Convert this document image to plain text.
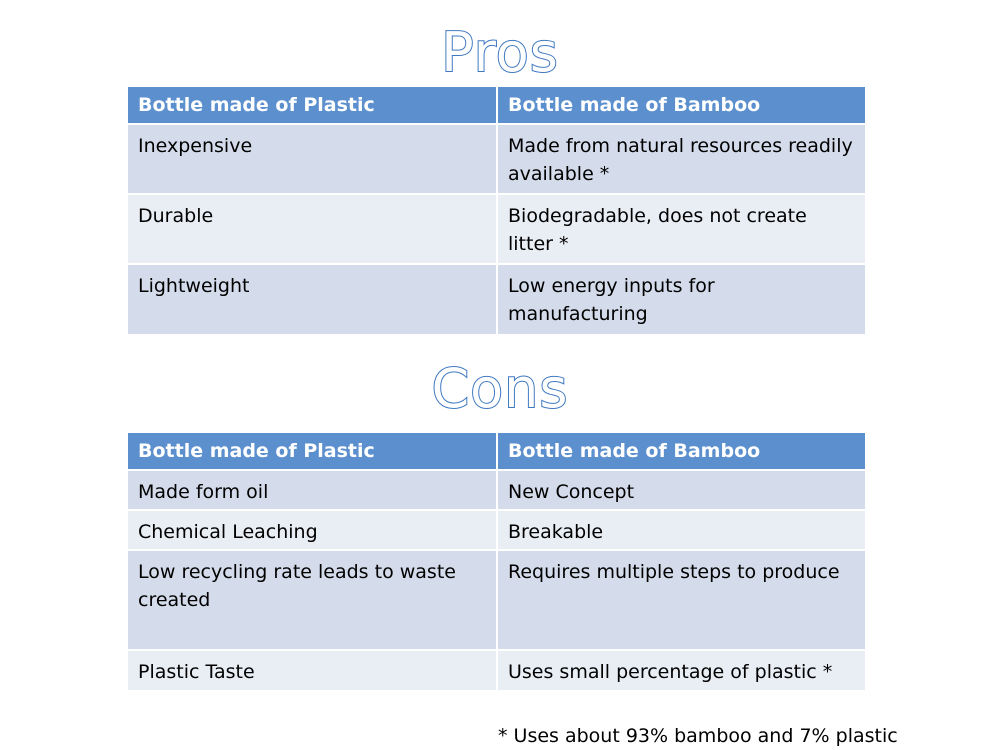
Pros
Bottle made of Plastic	Bottle made of Bamboo
Inexpensive	Made from natural resources readily available *
Durable	Biodegradable, does not create litter *
Lightweight	Low energy inputs for manufacturing
Cons
Bottle made of Plastic	Bottle made of Bamboo
Made form oil	New Concept
Chemical Leaching	Breakable
Low recycling rate leads to waste created	Requires multiple steps to produce
Plastic Taste	Uses small percentage of plastic *
* Uses about 93% bamboo and 7% plastic
